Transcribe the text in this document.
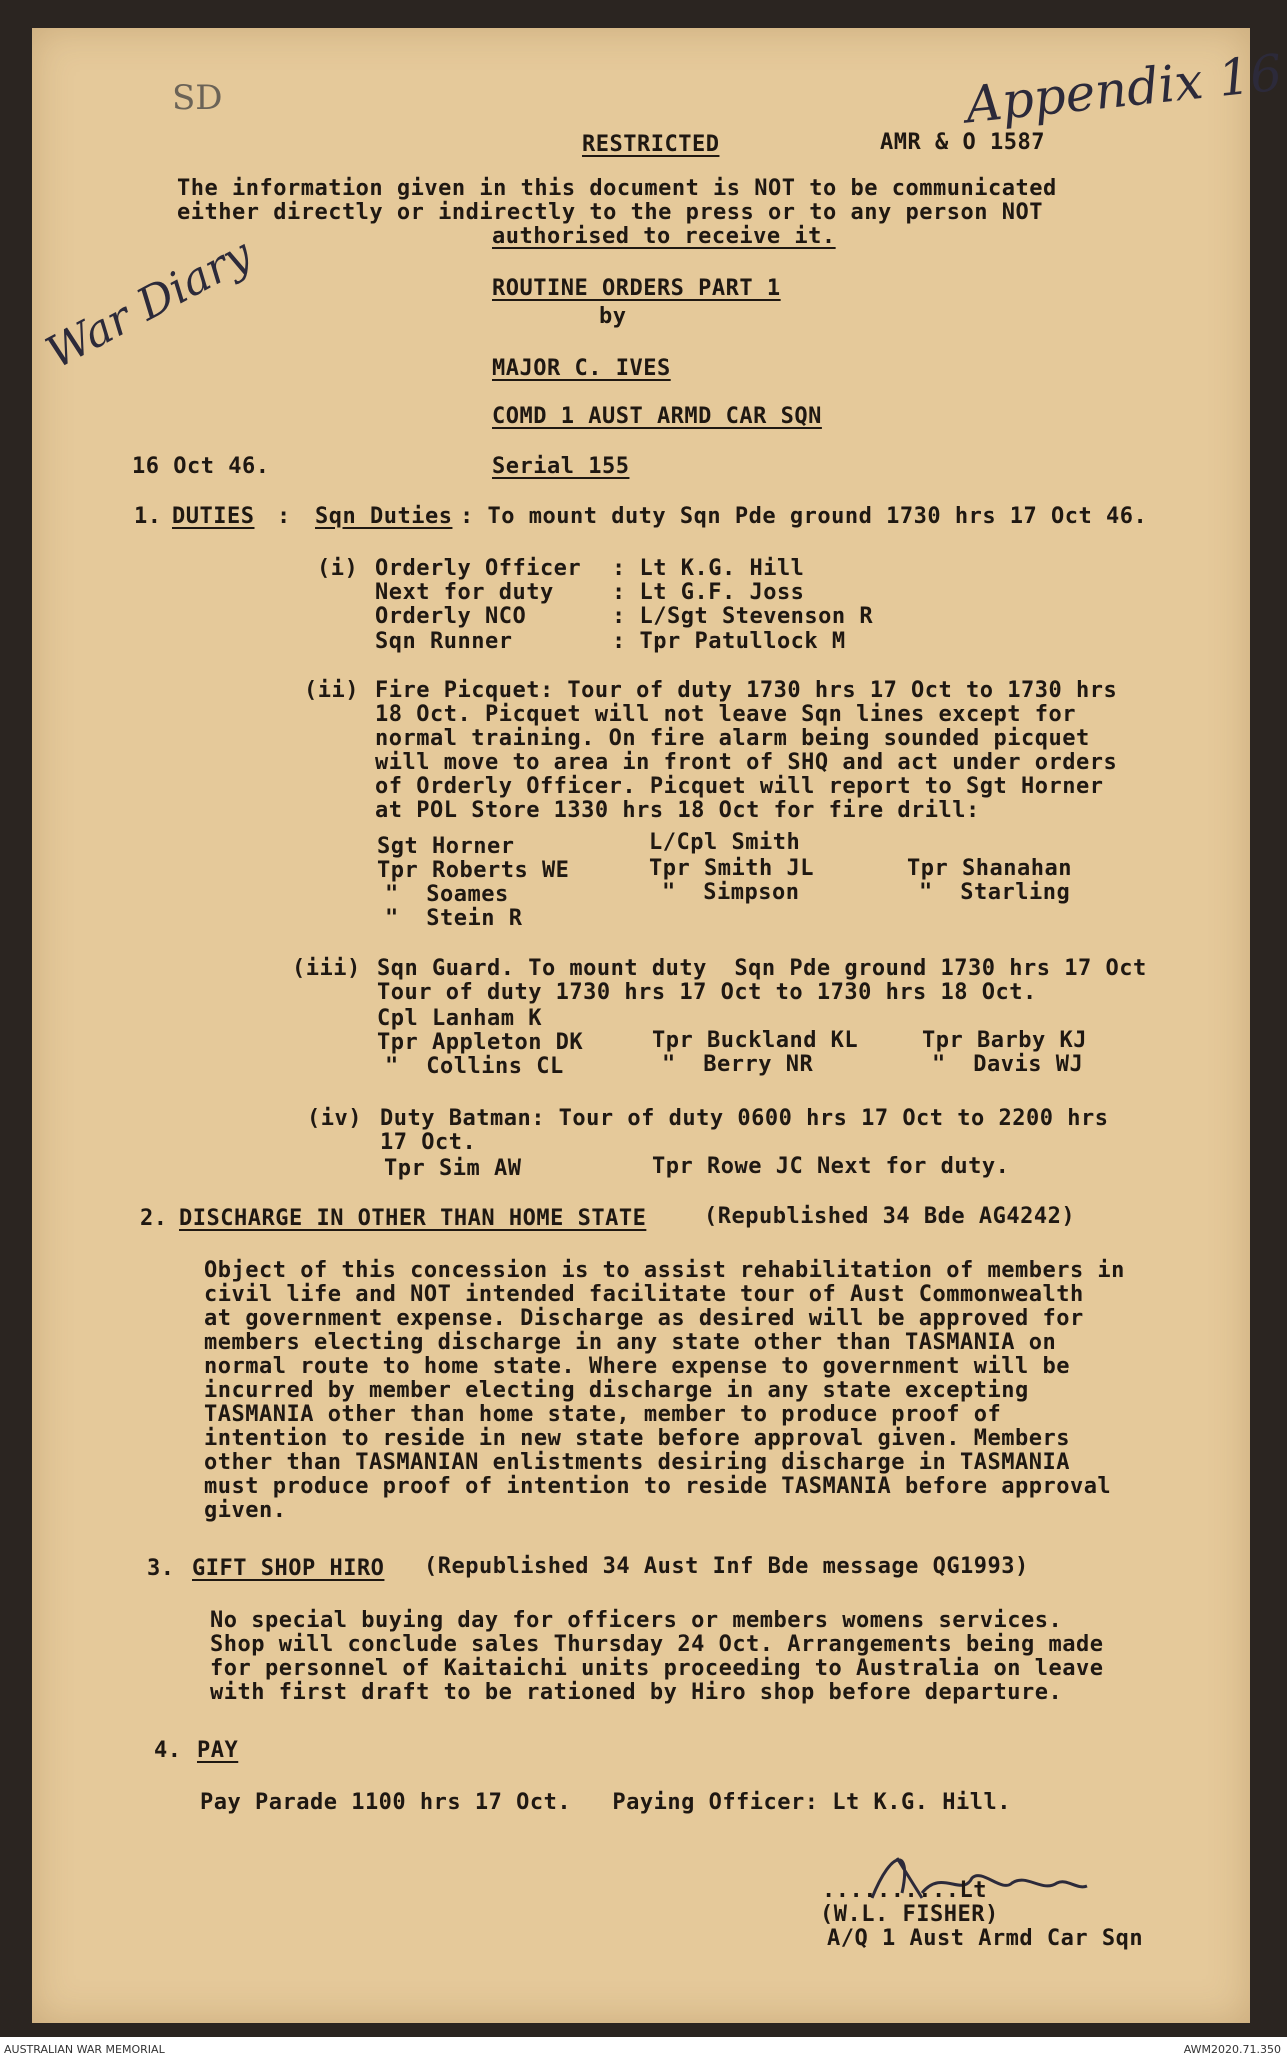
Appendix 16
SD
War Diary
RESTRICTED	AMR & O 1587
The information given in this document is NOT to be communicated
either directly or indirectly to the press or to any person NOT
authorised to receive it.
ROUTINE ORDERS PART 1
by
MAJOR C. IVES
COMD 1 AUST ARMD CAR SQN
16 Oct 46.	Serial 155
1. DUTIES : Sqn Duties : To mount duty Sqn Pde ground 1730 hrs 17 Oct 46.
(i) Orderly Officer : Lt K.G. Hill
Next for duty	: Lt G.F. Joss
Orderly NCO	: L/Sgt Stevenson R
Sqn Runner	: Tpr Patullock M
(ii) Fire Picquet: Tour of duty 1730 hrs 17 Oct to 1730 hrs
18 Oct. Picquet will not leave Sqn lines except for
normal training. On fire alarm being sounded picquet
will move to area in front of SHQ and act under orders
of Orderly Officer. Picquet will report to Sgt Horner
at POL Store 1330 hrs 18 Oct for fire drill:
Sgt Horner	L/Cpl Smith
Tpr Roberts WE	Tpr Smith JL	Tpr Shanahan
"  Soames	"  Simpson	"  Starling
"  Stein R
(iii) Sqn Guard. To mount duty  Sqn Pde ground 1730 hrs 17 Oct
Tour of duty 1730 hrs 17 Oct to 1730 hrs 18 Oct.
Cpl Lanham K
Tpr Appleton DK	Tpr Buckland KL	Tpr Barby KJ
"  Collins CL	"  Berry NR	"  Davis WJ
(iv) Duty Batman: Tour of duty 0600 hrs 17 Oct to 2200 hrs
17 Oct.
Tpr Sim AW	Tpr Rowe JC Next for duty.
2. DISCHARGE IN OTHER THAN HOME STATE	(Republished 34 Bde AG4242)
Object of this concession is to assist rehabilitation of members in
civil life and NOT intended facilitate tour of Aust Commonwealth
at government expense. Discharge as desired will be approved for
members electing discharge in any state other than TASMANIA on
normal route to home state. Where expense to government will be
incurred by member electing discharge in any state excepting
TASMANIA other than home state, member to produce proof of
intention to reside in new state before approval given. Members
other than TASMANIAN enlistments desiring discharge in TASMANIA
must produce proof of intention to reside TASMANIA before approval
given.
3. GIFT SHOP HIRO (Republished 34 Aust Inf Bde message QG1993)
No special buying day for officers or members womens services.
Shop will conclude sales Thursday 24 Oct. Arrangements being made
for personnel of Kaitaichi units proceeding to Australia on leave
with first draft to be rationed by Hiro shop before departure.
4. PAY
Pay Parade 1100 hrs 17 Oct.   Paying Officer: Lt K.G. Hill.
..........Lt
(W.L. FISHER)
A/Q 1 Aust Armd Car Sqn
AUSTRALIAN WAR MEMORIAL	AWM2020.71.350
